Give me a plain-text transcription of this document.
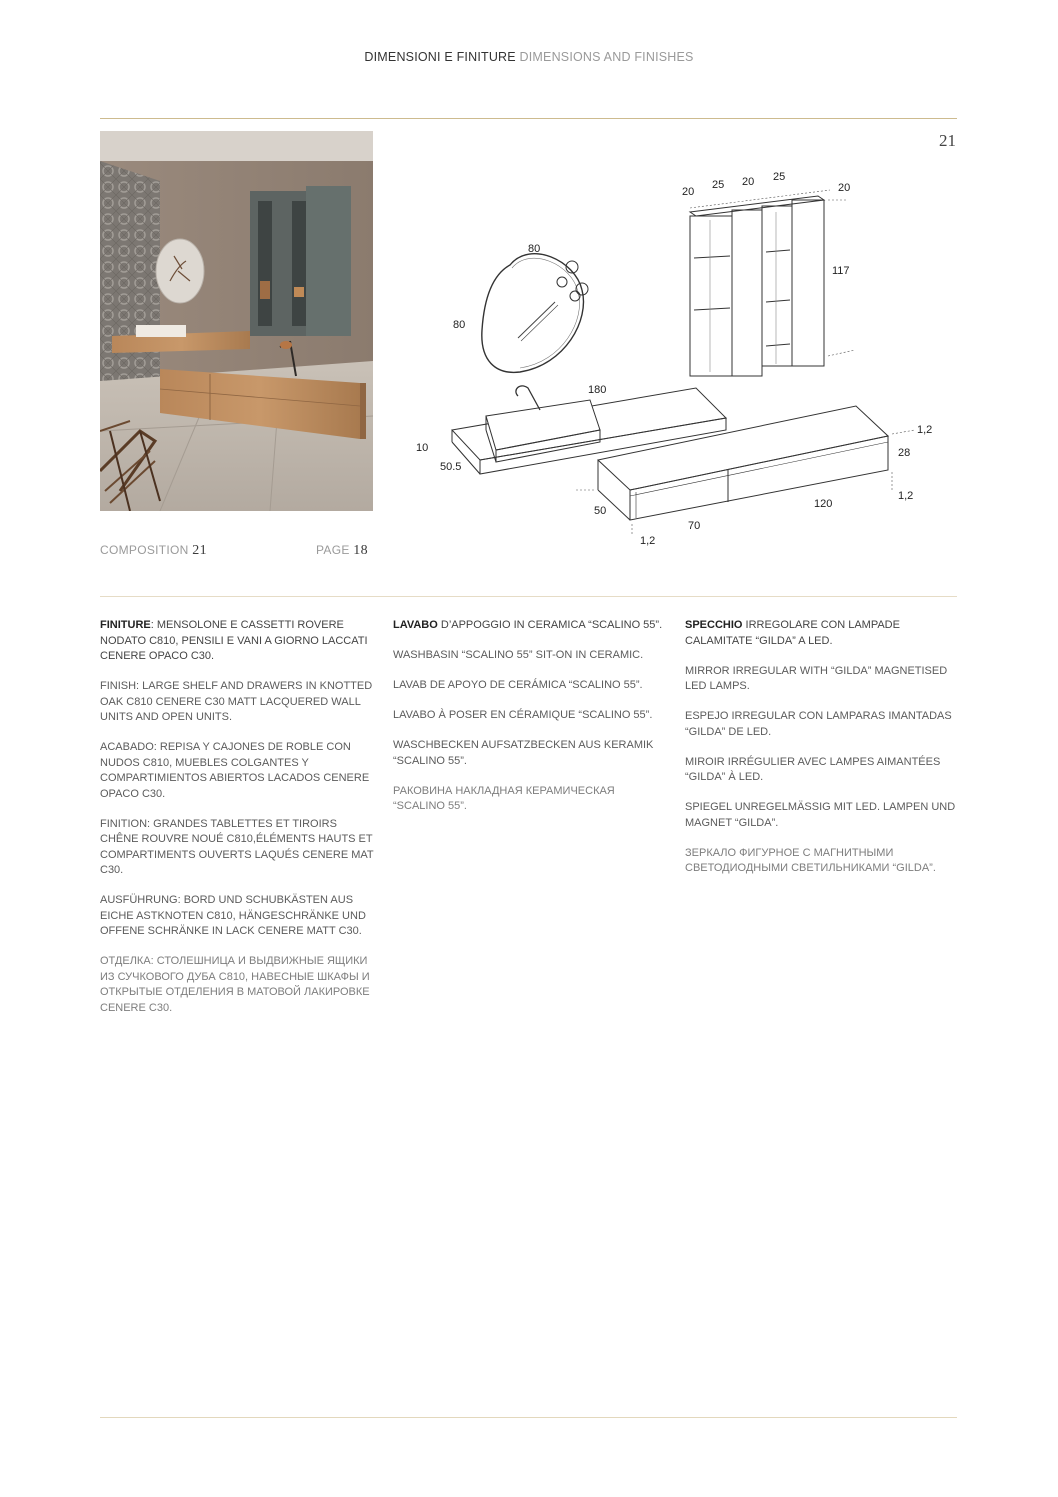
DIMENSIONI E FINITURE DIMENSIONS AND FINISHES
21
80
80
20
25 20 25
20
117
180
10
50.5
1,2
28
1,2
50
70
120
1,2
COMPOSITION 21	PAGE 18

FINITURE: MENSOLONE E CASSETTI ROVERE NODATO C810, PENSILI E VANI A GIORNO LACCATI CENERE OPACO C30.

FINISH: LARGE SHELF AND DRAWERS IN KNOTTED OAK C810 CENERE C30 MATT LACQUERED WALL UNITS AND OPEN UNITS.

ACABADO: REPISA Y CAJONES DE ROBLE CON NUDOS C810, MUEBLES COLGANTES Y COMPARTIMIENTOS ABIERTOS LACADOS CENERE OPACO C30.

FINITION: GRANDES TABLETTES ET TIROIRS CHÊNE ROUVRE NOUÉ C810,ÉLÉMENTS HAUTS ET COMPARTIMENTS OUVERTS LAQUÉS CENERE MAT C30.

AUSFÜHRUNG: BORD UND SCHUBKÄSTEN AUS EICHE ASTKNOTEN C810, HÄNGESCHRÄNKE UND OFFENE SCHRÄNKE IN LACK CENERE MATT C30.

ОТДЕЛКА: СТОЛЕШНИЦА И ВЫДВИЖНЫЕ ЯЩИКИ ИЗ СУЧКОВОГО ДУБА C810, НАВЕСНЫЕ ШКАФЫ И ОТКРЫТЫЕ ОТДЕЛЕНИЯ В МАТОВОЙ ЛАКИРОВКЕ CENERE C30.

LAVABO D’APPOGGIO IN CERAMICA “SCALINO 55”.

WASHBASIN “SCALINO 55” SIT-ON IN CERAMIC.

LAVAB DE APOYO DE CERÁMICA “SCALINO 55”.

LAVABO À POSER EN CÉRAMIQUE “SCALINO 55”.

WASCHBECKEN AUFSATZBECKEN AUS KERAMIK “SCALINO 55”.

РАКОВИНА НАКЛАДНАЯ КЕРАМИЧЕСКАЯ “SCALINO 55”.

SPECCHIO IRREGOLARE CON LAMPADE CALAMITATE “GILDA” A LED.

MIRROR IRREGULAR WITH “GILDA” MAGNETISED LED LAMPS.

ESPEJO IRREGULAR CON LAMPARAS IMANTADAS “GILDA” DE LED.

MIROIR IRRÉGULIER AVEC LAMPES AIMANTÉES “GILDA” À LED.

SPIEGEL UNREGELMÄSSIG MIT LED. LAMPEN UND MAGNET “GILDA”.

ЗЕРКАЛО ФИГУРНОЕ С МАГНИТНЫМИ СВЕТОДИОДНЫМИ СВЕТИЛЬНИКАМИ “GILDA”.
